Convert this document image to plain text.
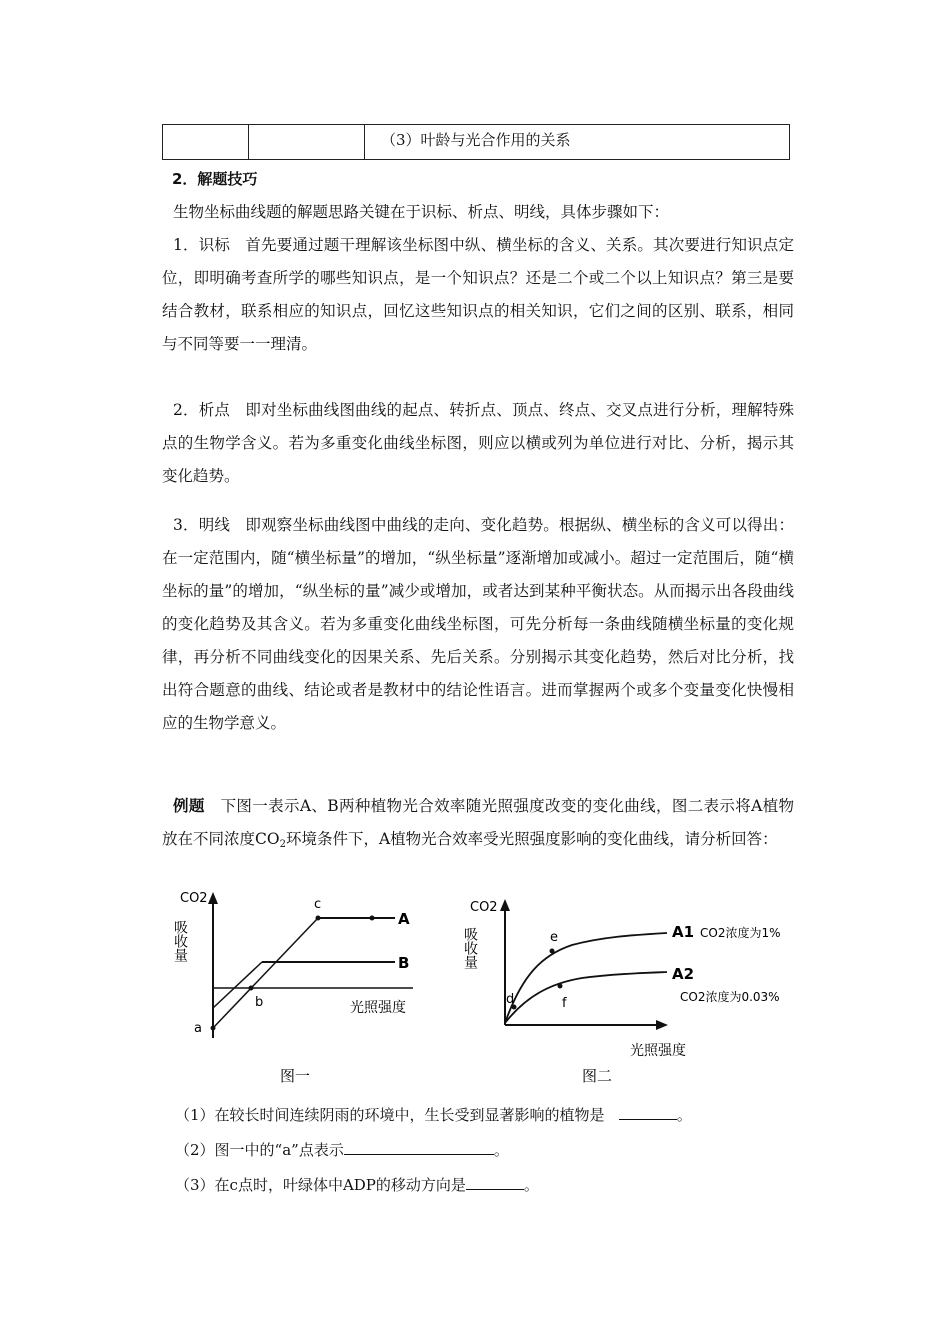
		（3）叶龄与光合作用的关系
2．解题技巧

生物坐标曲线题的解题思路关键在于识标、析点、明线，具体步骤如下：

1．识标 首先要通过题干理解该坐标图中纵、横坐标的含义、关系。其次要进行知识点定位，即明确考查所学的哪些知识点，是一个知识点？还是二个或二个以上知识点？第三是要结合教材，联系相应的知识点，回忆这些知识点的相关知识，它们之间的区别、联系，相同与不同等要一一理清。

2．析点 即对坐标曲线图曲线的起点、转折点、顶点、终点、交叉点进行分析，理解特殊点的生物学含义。若为多重变化曲线坐标图，则应以横或列为单位进行对比、分析，揭示其变化趋势。

3．明线 即观察坐标曲线图中曲线的走向、变化趋势。根据纵、横坐标的含义可以得出：在一定范围内，随“横坐标量”的增加，“纵坐标量”逐渐增加或减小。超过一定范围后，随“横坐标的量”的增加，“纵坐标的量”减少或增加，或者达到某种平衡状态。从而揭示出各段曲线的变化趋势及其含义。若为多重变化曲线坐标图，可先分析每一条曲线随横坐标量的变化规律，再分析不同曲线变化的因果关系、先后关系。分别揭示其变化趋势，然后对比分析，找出符合题意的曲线、结论或者是教材中的结论性语言。进而掌握两个或多个变量变化快慢相应的生物学意义。

例题 下图一表示A、B两种植物光合效率随光照强度改变的变化曲线，图二表示将A植物放在不同浓度$CO_2$环境条件下，A植物光合效率受光照强度影响的变化曲线，请分析回答：

CO2
吸收量
光照强度
a
b
c
A
B
图一
CO2
吸收量
光照强度
d
e
f
A1
A2
CO2浓度为1%
CO2浓度为0.03%
图二
（1）在较长时间连续阴雨的环境中，生长受到显著影响的植物是	。
（2）图一中的“a”点表示	。
（3）在c点时，叶绿体中ADP的移动方向是	。
